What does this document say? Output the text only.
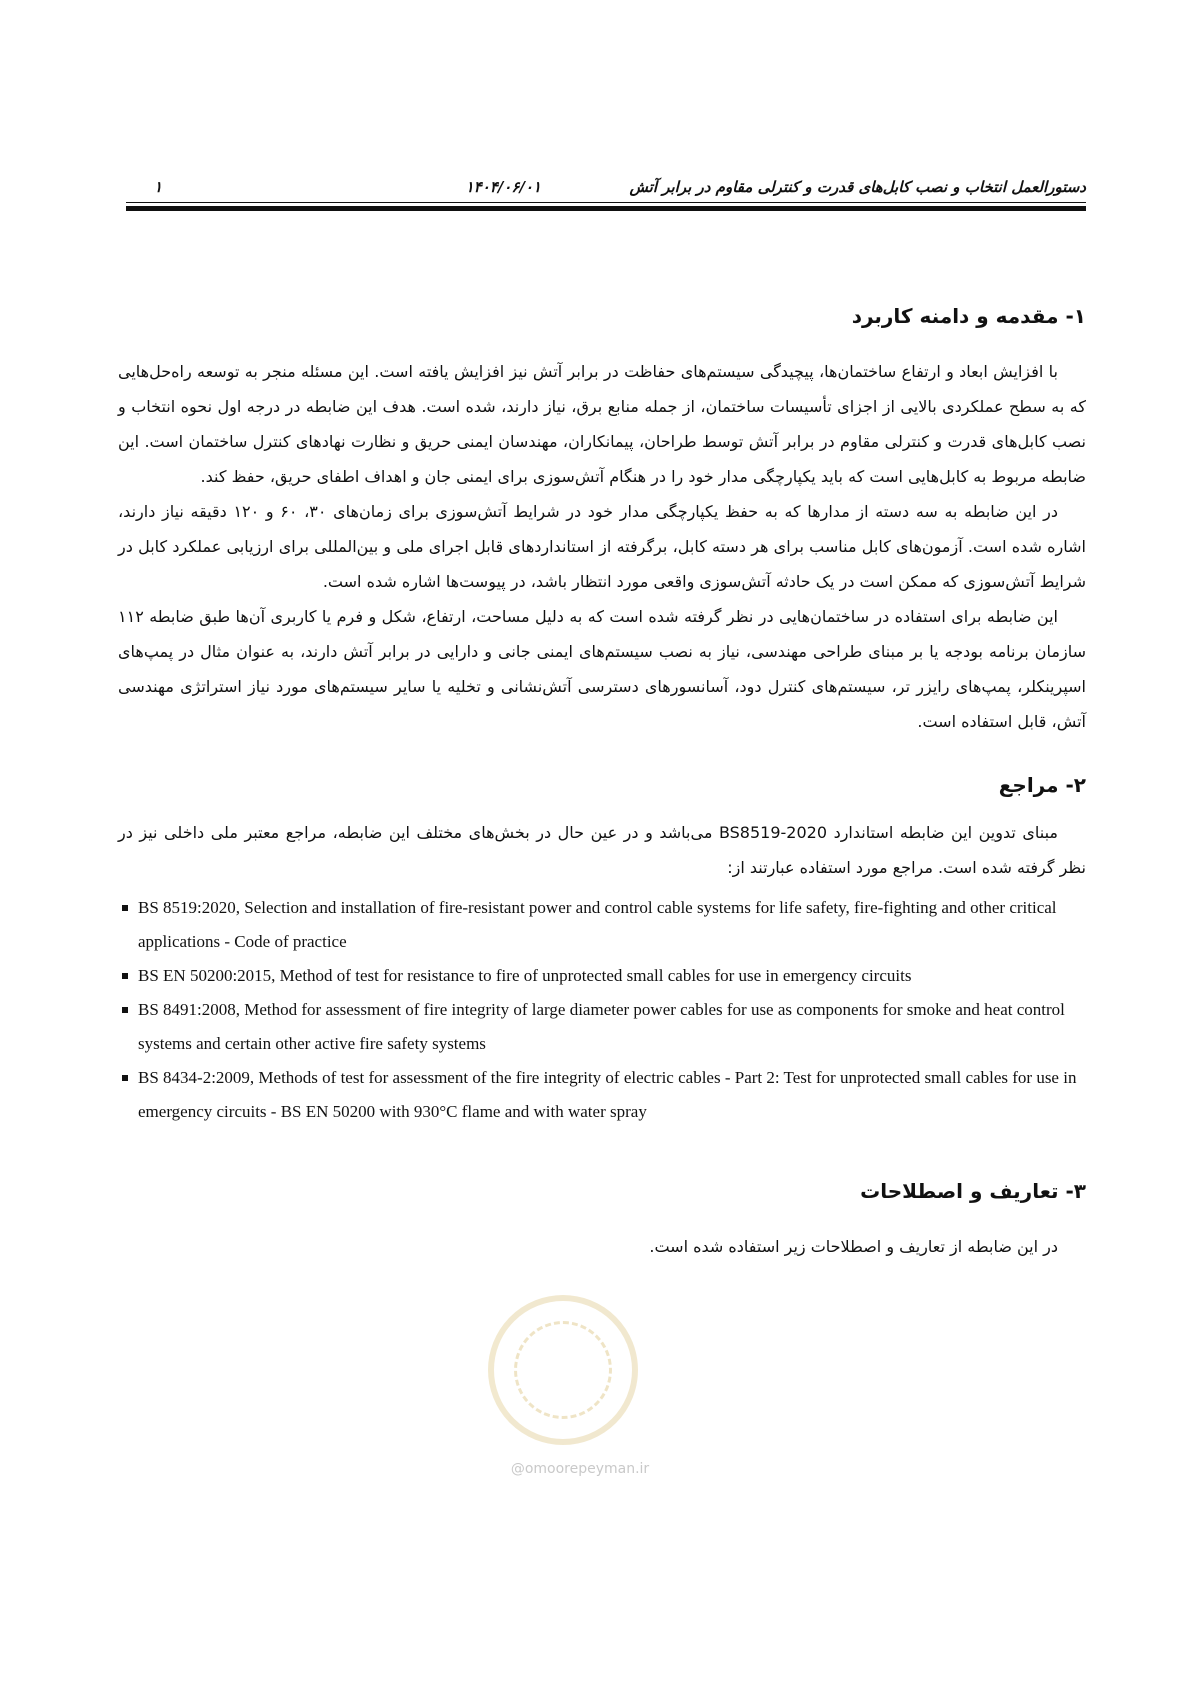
دستورالعمل انتخاب و نصب کابل‌های قدرت و کنترلی مقاوم در برابر آتش
۱۴۰۴/۰۶/۰۱
۱
@omoorepeyman.ir
۱- مقدمه و دامنه کاربرد

با افزایش ابعاد و ارتفاع ساختمان‌ها، پیچیدگی سیستم‌های حفاظت در برابر آتش نیز افزایش یافته است. این مسئله منجر به توسعه راه‌حل‌هایی که به سطح عملکردی بالایی از اجزای تأسیسات ساختمان، از جمله منابع برق، نیاز دارند، شده است. هدف این ضابطه در درجه اول نحوه انتخاب و نصب کابل‌های قدرت و کنترلی مقاوم در برابر آتش توسط طراحان، پیمانکاران، مهندسان ایمنی حریق و نظارت نهادهای کنترل ساختمان است. این ضابطه مربوط به کابل‌هایی است که باید یکپارچگی مدار خود را در هنگام آتش‌سوزی برای ایمنی جان و اهداف اطفای حریق، حفظ کند.

در این ضابطه به سه دسته از مدارها که به حفظ یکپارچگی مدار خود در شرایط آتش‌سوزی برای زمان‌های ۳۰، ۶۰ و ۱۲۰ دقیقه نیاز دارند، اشاره شده است. آزمون‌های کابل مناسب برای هر دسته کابل، برگرفته از استانداردهای قابل اجرای ملی و بین‌المللی برای ارزیابی عملکرد کابل در شرایط آتش‌سوزی که ممکن است در یک حادثه آتش‌سوزی واقعی مورد انتظار باشد، در پیوست‌ها اشاره شده است.

این ضابطه برای استفاده در ساختمان‌هایی در نظر گرفته شده است که به دلیل مساحت، ارتفاع، شکل و فرم یا کاربری آن‌ها طبق ضابطه ۱۱۲ سازمان برنامه بودجه یا بر مبنای طراحی مهندسی، نیاز به نصب سیستم‌های ایمنی جانی و دارایی در برابر آتش دارند، به عنوان مثال در پمپ‌های اسپرینکلر، پمپ‌های رایزر تر، سیستم‌های کنترل دود، آسانسورهای دسترسی آتش‌نشانی و تخلیه یا سایر سیستم‌های مورد نیاز استراتژی مهندسی آتش، قابل استفاده است.

۲- مراجع

مبنای تدوین این ضابطه استاندارد BS8519-2020 می‌باشد و در عین حال در بخش‌های مختلف این ضابطه، مراجع معتبر ملی داخلی نیز در نظر گرفته شده است. مراجع مورد استفاده عبارتند از:

BS 8519:2020, Selection and installation of fire-resistant power and control cable systems for life safety, fire-fighting and other critical applications - Code of practice
BS EN 50200:2015, Method of test for resistance to fire of unprotected small cables for use in emergency circuits
BS 8491:2008, Method for assessment of fire integrity of large diameter power cables for use as components for smoke and heat control systems and certain other active fire safety systems
BS 8434-2:2009, Methods of test for assessment of the fire integrity of electric cables - Part 2: Test for unprotected small cables for use in emergency circuits - BS EN 50200 with 930°C flame and with water spray
۳- تعاریف و اصطلاحات

در این ضابطه از تعاریف و اصطلاحات زیر استفاده شده است.
